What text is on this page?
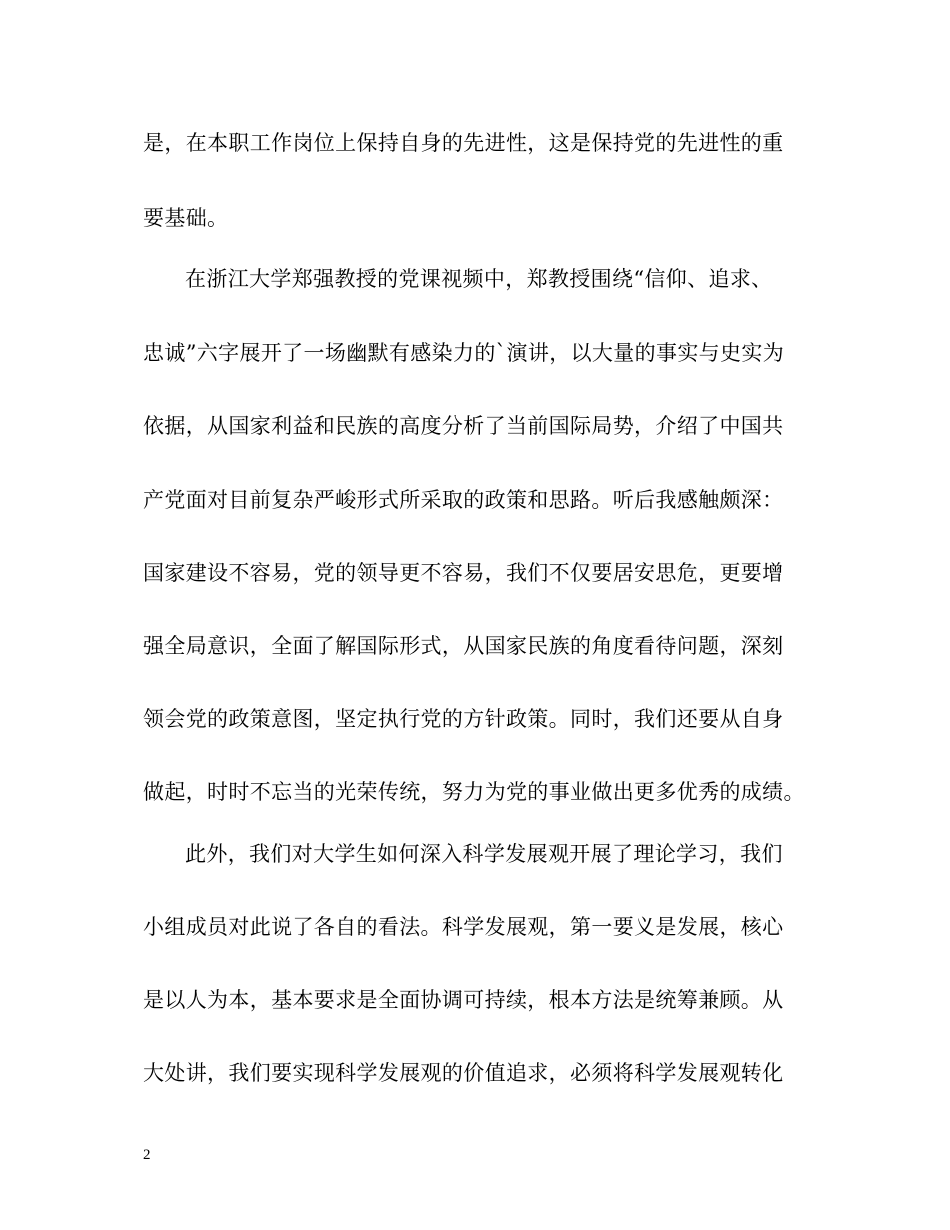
是，在本职工作岗位上保持自身的先进性，这是保持党的先进性的重
要基础。
在浙江大学郑强教授的党课视频中，郑教授围绕“信仰、追求、
忠诚”六字展开了一场幽默有感染力的`演讲，以大量的事实与史实为
依据，从国家利益和民族的高度分析了当前国际局势，介绍了中国共
产党面对目前复杂严峻形式所采取的政策和思路。听后我感触颇深：
国家建设不容易，党的领导更不容易，我们不仅要居安思危，更要增
强全局意识，全面了解国际形式，从国家民族的角度看待问题，深刻
领会党的政策意图，坚定执行党的方针政策。同时，我们还要从自身
做起，时时不忘当的光荣传统，努力为党的事业做出更多优秀的成绩。
此外，我们对大学生如何深入科学发展观开展了理论学习，我们
小组成员对此说了各自的看法。科学发展观，第一要义是发展，核心
是以人为本，基本要求是全面协调可持续，根本方法是统筹兼顾。从
大处讲，我们要实现科学发展观的价值追求，必须将科学发展观转化
2
